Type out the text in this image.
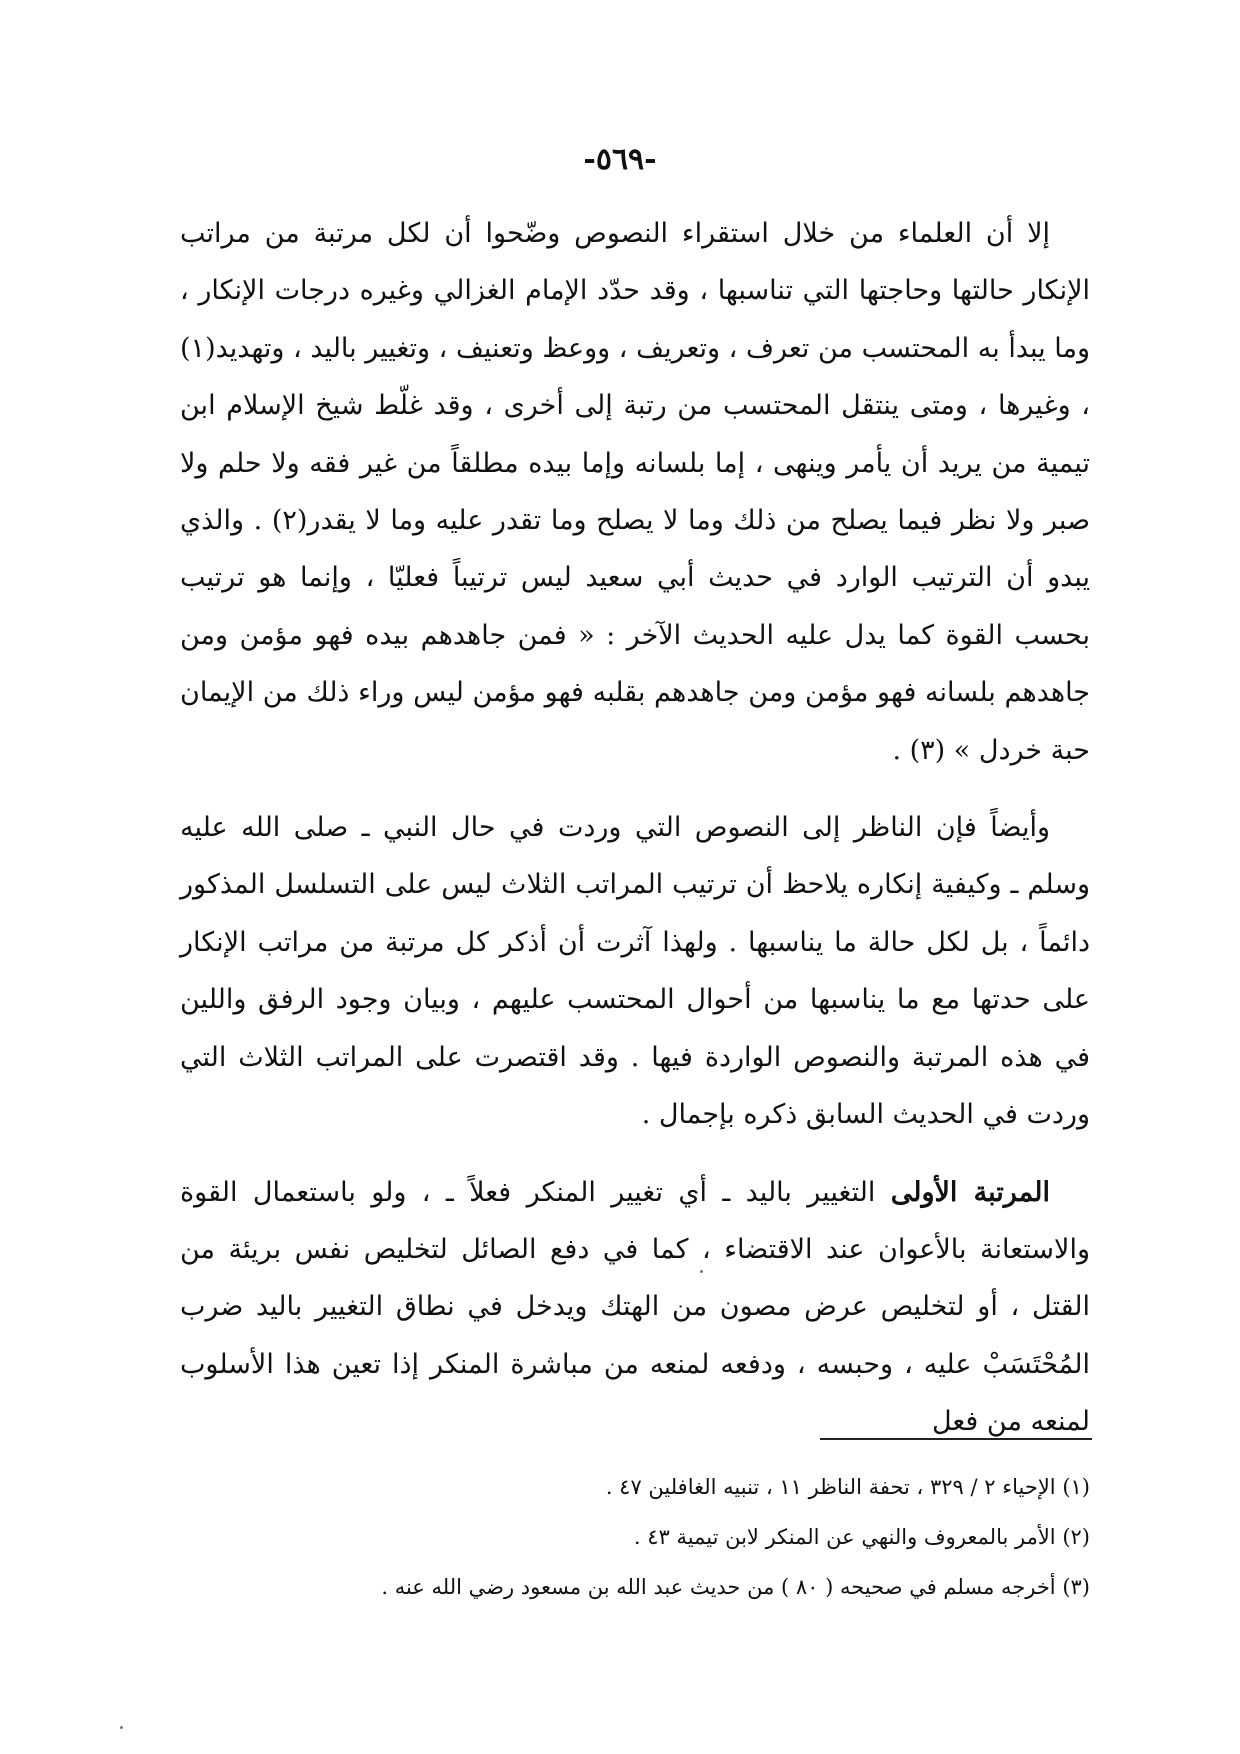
-٥٦٩-

إلا أن العلماء من خلال استقراء النصوص وضّحوا أن لكل مرتبة من مراتب الإنكار حالتها وحاجتها التي تناسبها ، وقد حدّد الإمام الغزالي وغيره درجات الإنكار ، وما يبدأ به المحتسب من تعرف ، وتعريف ، ووعظ وتعنيف ، وتغيير باليد ، وتهديد(١) ، وغيرها ، ومتى ينتقل المحتسب من رتبة إلى أخرى ، وقد غلّط شيخ الإسلام ابن تيمية من يريد أن يأمر وينهى ، إما بلسانه وإما بيده مطلقاً من غير فقه ولا حلم ولا صبر ولا نظر فيما يصلح من ذلك وما لا يصلح وما تقدر عليه وما لا يقدر(٢) . والذي يبدو أن الترتيب الوارد في حديث أبي سعيد ليس ترتيباً فعليّا ، وإنما هو ترتيب بحسب القوة كما يدل عليه الحديث الآخر : « فمن جاهدهم بيده فهو مؤمن ومن جاهدهم بلسانه فهو مؤمن ومن جاهدهم بقلبه فهو مؤمن ليس وراء ذلك من الإيمان حبة خردل » (٣) .

وأيضاً فإن الناظر إلى النصوص التي وردت في حال النبي ـ صلى الله عليه وسلم ـ وكيفية إنكاره يلاحظ أن ترتيب المراتب الثلاث ليس على التسلسل المذكور دائماً ، بل لكل حالة ما يناسبها . ولهذا آثرت أن أذكر كل مرتبة من مراتب الإنكار على حدتها مع ما يناسبها من أحوال المحتسب عليهم ، وبيان وجود الرفق واللين في هذه المرتبة والنصوص الواردة فيها . وقد اقتصرت على المراتب الثلاث التي وردت في الحديث السابق ذكره بإجمال .

المرتبة الأولى التغيير باليد ـ أي تغيير المنكر فعلاً ـ ، ولو باستعمال القوة والاستعانة بالأعوان عند الاقتضاء ، كما في دفع الصائل لتخليص نفس بريئة من القتل ، أو لتخليص عرض مصون من الهتك ويدخل في نطاق التغيير باليد ضرب المُحْتَسَبْ عليه ، وحبسه ، ودفعه لمنعه من مباشرة المنكر إذا تعين هذا الأسلوب لمنعه من فعل

(١) الإحياء ٢ / ٣٢٩ ، تحفة الناظر ١١ ، تنبيه الغافلين ٤٧ .

(٢) الأمر بالمعروف والنهي عن المنكر لابن تيمية ٤٣ .

(٣) أخرجه مسلم في صحيحه ( ٨٠ ) من حديث عبد الله بن مسعود رضي الله عنه .
